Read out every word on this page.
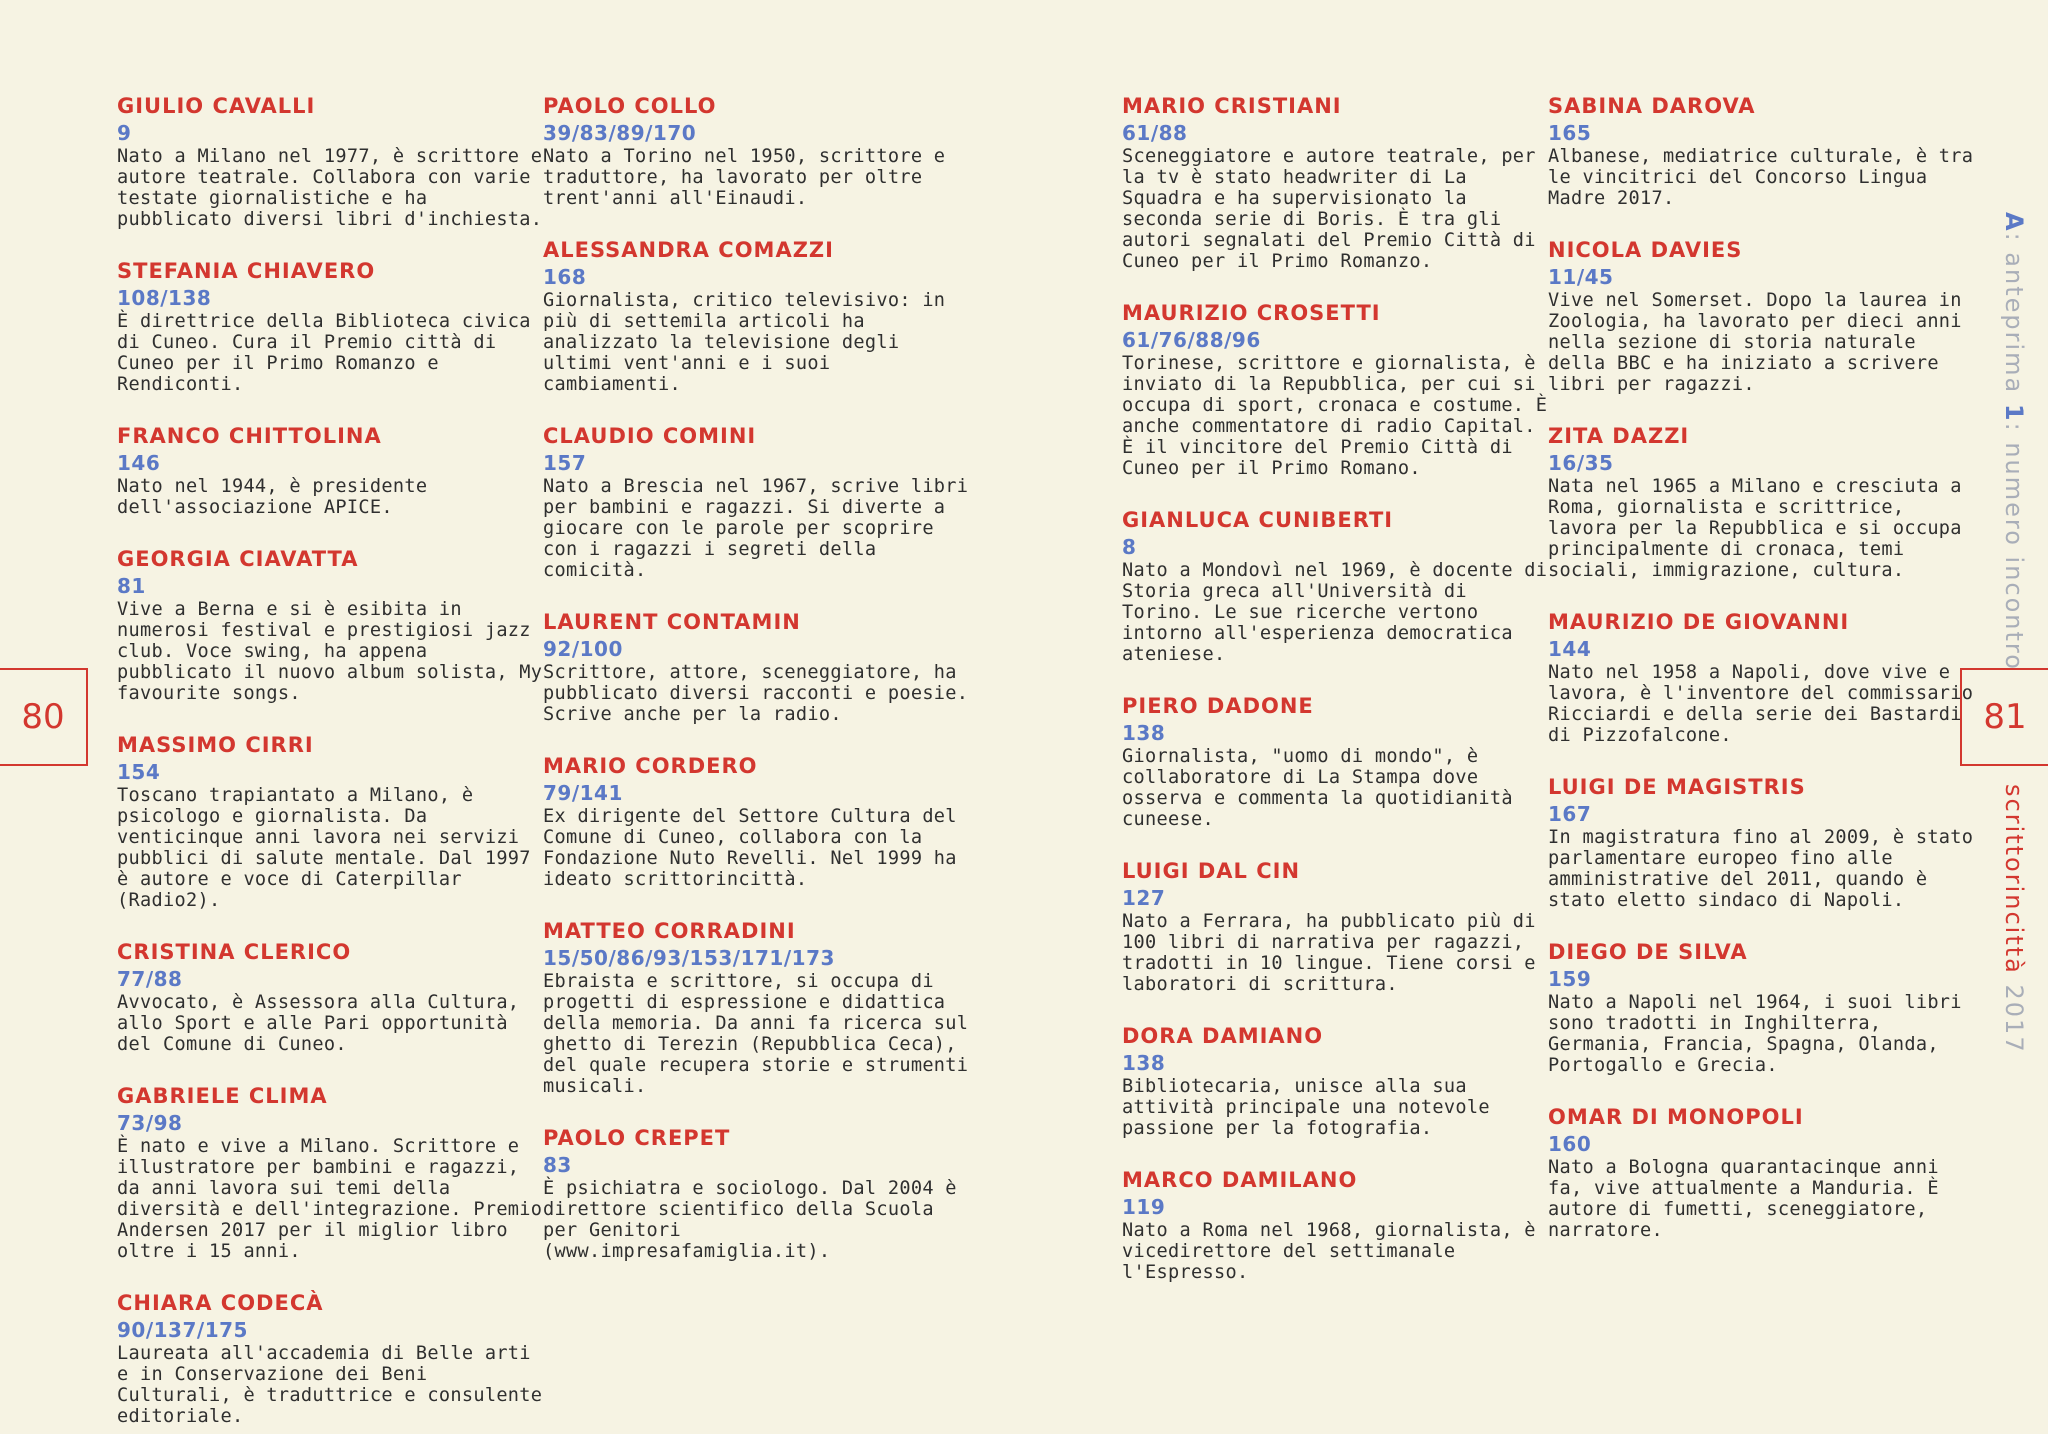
GIULIO CAVALLI
9
Nato a Milano nel 1977, è scrittore e autore teatrale. Collabora con varie testate giornalistiche e ha pubblicato diversi libri d'inchiesta.
STEFANIA CHIAVERO
108/138
È direttrice della Biblioteca civica di Cuneo. Cura il Premio città di Cuneo per il Primo Romanzo e Rendiconti.
FRANCO CHITTOLINA
146
Nato nel 1944, è presidente dell'associazione APICE.
GEORGIA CIAVATTA
81
Vive a Berna e si è esibita in numerosi festival e prestigiosi jazz club. Voce swing, ha appena pubblicato il nuovo album solista, My favourite songs.
MASSIMO CIRRI
154
Toscano trapiantato a Milano, è psicologo e giornalista. Da venticinque anni lavora nei servizi pubblici di salute mentale. Dal 1997 è autore e voce di Caterpillar (Radio2).
CRISTINA CLERICO
77/88
Avvocato, è Assessora alla Cultura, allo Sport e alle Pari opportunità del Comune di Cuneo.
GABRIELE CLIMA
73/98
È nato e vive a Milano. Scrittore e illustratore per bambini e ragazzi, da anni lavora sui temi della diversità e dell'integrazione. Premio Andersen 2017 per il miglior libro oltre i 15 anni.
CHIARA CODECÀ
90/137/175
Laureata all'accademia di Belle arti e in Conservazione dei Beni Culturali, è traduttrice e consulente editoriale.
PAOLO COLLO
39/83/89/170
Nato a Torino nel 1950, scrittore e traduttore, ha lavorato per oltre trent'anni all'Einaudi.
ALESSANDRA COMAZZI
168
Giornalista, critico televisivo: in più di settemila articoli ha analizzato la televisione degli ultimi vent'anni e i suoi cambiamenti.
CLAUDIO COMINI
157
Nato a Brescia nel 1967, scrive libri per bambini e ragazzi. Si diverte a giocare con le parole per scoprire con i ragazzi i segreti della comicità.
LAURENT CONTAMIN
92/100
Scrittore, attore, sceneggiatore, ha pubblicato diversi racconti e poesie. Scrive anche per la radio.
MARIO CORDERO
79/141
Ex dirigente del Settore Cultura del Comune di Cuneo, collabora con la Fondazione Nuto Revelli. Nel 1999 ha ideato scrittorincittà.
MATTEO CORRADINI
15/50/86/93/153/171/173
Ebraista e scrittore, si occupa di progetti di espressione e didattica della memoria. Da anni fa ricerca sul ghetto di Terezin (Repubblica Ceca), del quale recupera storie e strumenti musicali.
PAOLO CREPET
83
È psichiatra e sociologo. Dal 2004 è direttore scientifico della Scuola per Genitori (www.impresafamiglia.it).
MARIO CRISTIANI
61/88
Sceneggiatore e autore teatrale, per la tv è stato headwriter di La Squadra e ha supervisionato la seconda serie di Boris. È tra gli autori segnalati del Premio Città di Cuneo per il Primo Romanzo.
MAURIZIO CROSETTI
61/76/88/96
Torinese, scrittore e giornalista, è inviato di la Repubblica, per cui si occupa di sport, cronaca e costume. È anche commentatore di radio Capital. È il vincitore del Premio Città di Cuneo per il Primo Romano.
GIANLUCA CUNIBERTI
8
Nato a Mondovì nel 1969, è docente di Storia greca all'Università di Torino. Le sue ricerche vertono intorno all'esperienza democratica ateniese.
PIERO DADONE
138
Giornalista, "uomo di mondo", è collaboratore di La Stampa dove osserva e commenta la quotidianità cuneese.
LUIGI DAL CIN
127
Nato a Ferrara, ha pubblicato più di 100 libri di narrativa per ragazzi, tradotti in 10 lingue. Tiene corsi e laboratori di scrittura.
DORA DAMIANO
138
Bibliotecaria, unisce alla sua attività principale una notevole passione per la fotografia.
MARCO DAMILANO
119
Nato a Roma nel 1968, giornalista, è vicedirettore del settimanale l'Espresso.
SABINA DAROVA
165
Albanese, mediatrice culturale, è tra le vincitrici del Concorso Lingua Madre 2017.
NICOLA DAVIES
11/45
Vive nel Somerset. Dopo la laurea in Zoologia, ha lavorato per dieci anni nella sezione di storia naturale della BBC e ha iniziato a scrivere libri per ragazzi.
ZITA DAZZI
16/35
Nata nel 1965 a Milano e cresciuta a Roma, giornalista e scrittrice, lavora per la Repubblica e si occupa principalmente di cronaca, temi sociali, immigrazione, cultura.
MAURIZIO DE GIOVANNI
144
Nato nel 1958 a Napoli, dove vive e lavora, è l'inventore del commissario Ricciardi e della serie dei Bastardi di Pizzofalcone.
LUIGI DE MAGISTRIS
167
In magistratura fino al 2009, è stato parlamentare europeo fino alle amministrative del 2011, quando è stato eletto sindaco di Napoli.
DIEGO DE SILVA
159
Nato a Napoli nel 1964, i suoi libri sono tradotti in Inghilterra, Germania, Francia, Spagna, Olanda, Portogallo e Grecia.
OMAR DI MONOPOLI
160
Nato a Bologna quarantacinque anni fa, vive attualmente a Manduria. È autore di fumetti, sceneggiatore, narratore.
80	81
A: anteprima 1: numero incontro
scrittorincittà 2017
